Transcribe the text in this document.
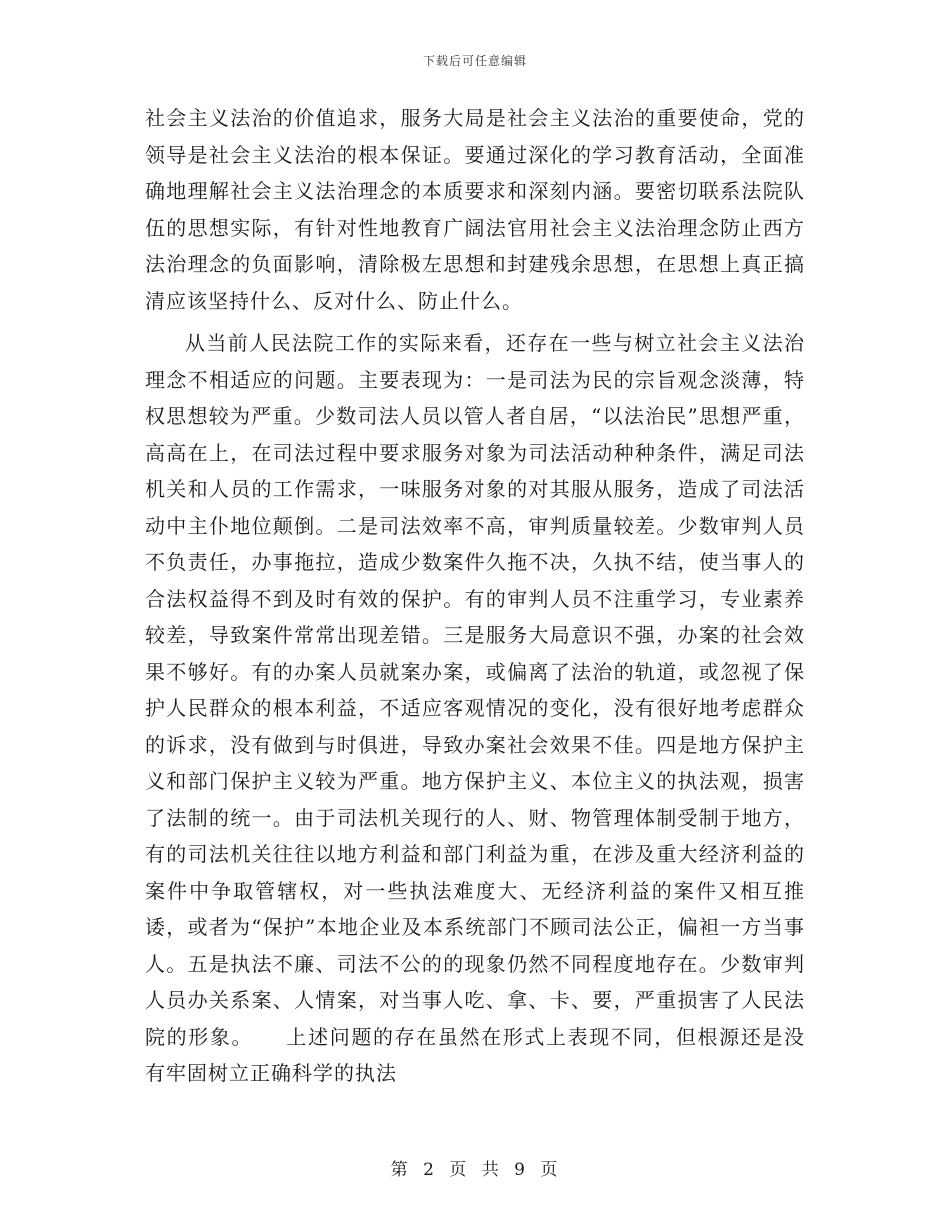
下载后可任意编辑

社会主义法治的价值追求，服务大局是社会主义法治的重要使命，党的领导是社会主义法治的根本保证。要通过深化的学习教育活动，全面准确地理解社会主义法治理念的本质要求和深刻内涵。要密切联系法院队伍的思想实际，有针对性地教育广阔法官用社会主义法治理念防止西方法治理念的负面影响，清除极左思想和封建残余思想，在思想上真正搞清应该坚持什么、反对什么、防止什么。

从当前人民法院工作的实际来看，还存在一些与树立社会主义法治理念不相适应的问题。主要表现为：一是司法为民的宗旨观念淡薄，特权思想较为严重。少数司法人员以管人者自居，“以法治民”思想严重，高高在上，在司法过程中要求服务对象为司法活动种种条件，满足司法机关和人员的工作需求，一味服务对象的对其服从服务，造成了司法活动中主仆地位颠倒。二是司法效率不高，审判质量较差。少数审判人员不负责任，办事拖拉，造成少数案件久拖不决，久执不结，使当事人的合法权益得不到及时有效的保护。有的审判人员不注重学习，专业素养较差，导致案件常常出现差错。三是服务大局意识不强，办案的社会效果不够好。有的办案人员就案办案，或偏离了法治的轨道，或忽视了保护人民群众的根本利益，不适应客观情况的变化，没有很好地考虑群众的诉求，没有做到与时俱进，导致办案社会效果不佳。四是地方保护主义和部门保护主义较为严重。地方保护主义、本位主义的执法观，损害了法制的统一。由于司法机关现行的人、财、物管理体制受制于地方，有的司法机关往往以地方利益和部门利益为重，在涉及重大经济利益的案件中争取管辖权，对一些执法难度大、无经济利益的案件又相互推诿，或者为“保护”本地企业及本系统部门不顾司法公正，偏袒一方当事人。五是执法不廉、司法不公的的现象仍然不同程度地存在。少数审判人员办关系案、人情案，对当事人吃、拿、卡、要，严重损害了人民法院的形象。　　上述问题的存在虽然在形式上表现不同，但根源还是没有牢固树立正确科学的执法

第 2 页 共 9 页
